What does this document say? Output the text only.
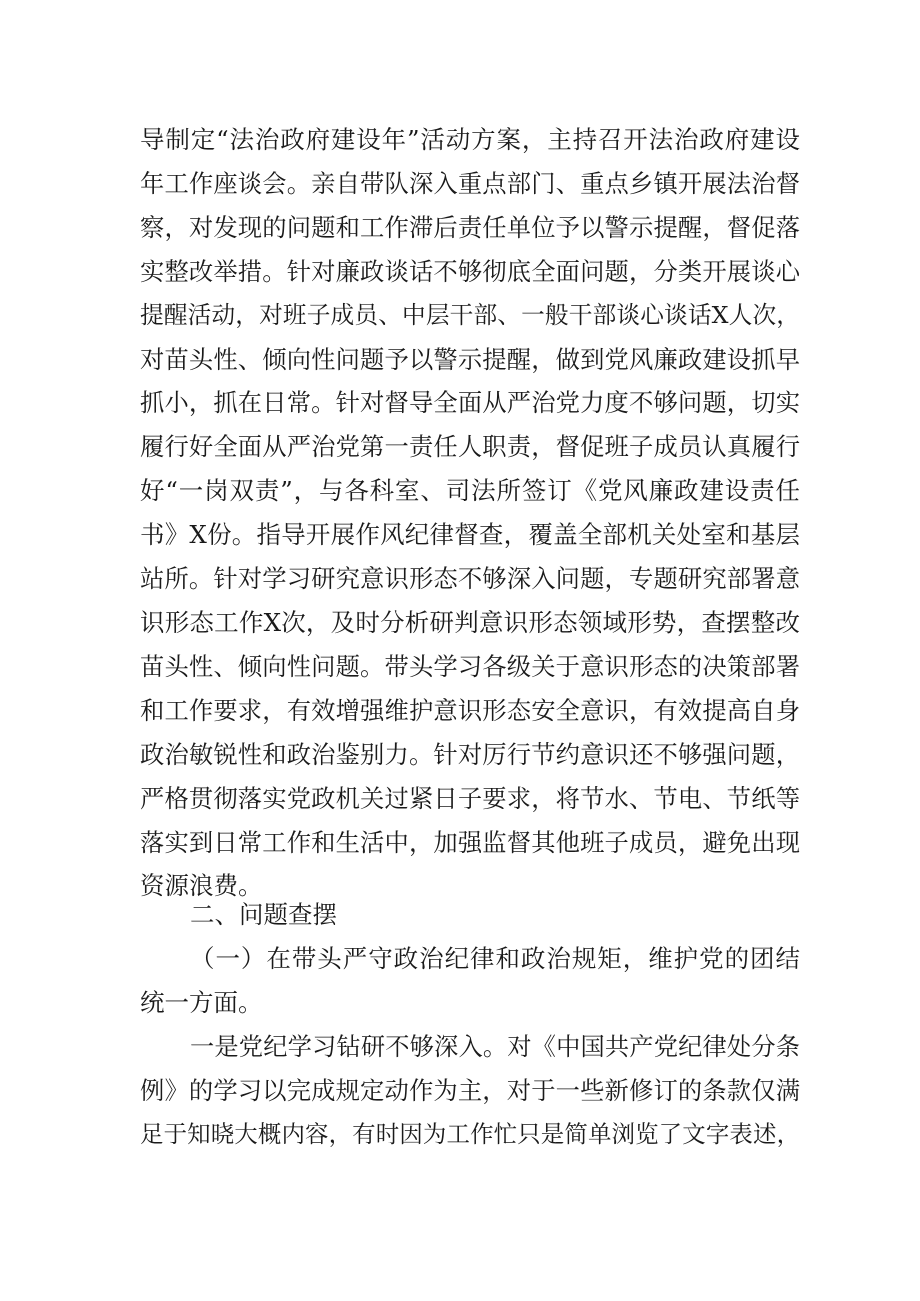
导制定“法治政府建设年”活动方案，主持召开法治政府建设
年工作座谈会。亲自带队深入重点部门、重点乡镇开展法治督
察，对发现的问题和工作滞后责任单位予以警示提醒，督促落
实整改举措。针对廉政谈话不够彻底全面问题，分类开展谈心
提醒活动，对班子成员、中层干部、一般干部谈心谈话X人次，
对苗头性、倾向性问题予以警示提醒，做到党风廉政建设抓早
抓小，抓在日常。针对督导全面从严治党力度不够问题，切实
履行好全面从严治党第一责任人职责，督促班子成员认真履行
好“一岗双责”，与各科室、司法所签订《党风廉政建设责任
书》X份。指导开展作风纪律督查，覆盖全部机关处室和基层
站所。针对学习研究意识形态不够深入问题，专题研究部署意
识形态工作X次，及时分析研判意识形态领域形势，查摆整改
苗头性、倾向性问题。带头学习各级关于意识形态的决策部署
和工作要求，有效增强维护意识形态安全意识，有效提高自身
政治敏锐性和政治鉴别力。针对厉行节约意识还不够强问题，
严格贯彻落实党政机关过紧日子要求，将节水、节电、节纸等
落实到日常工作和生活中，加强监督其他班子成员，避免出现
资源浪费。
二、问题查摆
（一）在带头严守政治纪律和政治规矩，维护党的团结
统一方面。
一是党纪学习钻研不够深入。对《中国共产党纪律处分条
例》的学习以完成规定动作为主，对于一些新修订的条款仅满
足于知晓大概内容，有时因为工作忙只是简单浏览了文字表述，
